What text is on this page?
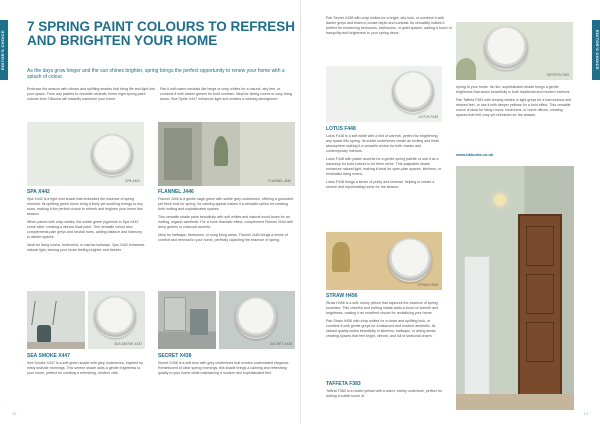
EDITOR'S CHOICE	EDITOR'S CHOICE
12	13
7 SPRING PAINT COLOURS TO REFRESH AND BRIGHTEN YOUR HOME
As the days grow longer and the sun shines brighter, spring brings the perfect opportunity to renew your home with a splash of colour.

Embrace the season with vibrant and uplifting shades that bring life and light into your space. From airy pastels to versatile neutrals, these eight spring paint colours from Tikkurila will instantly transform your home.

Pair it with warm neutrals like beige or crisp whites for a natural, airy feel, or combine it with darker greens for bold contrast. Ideal for dining rooms or cosy living areas, Sea Sprite X447 enhances light and creates a calming atmosphere.

SPA X442	FLANNEL J446
SPA X442

Spa X442 is a light mint shade that embodies the essence of spring renewal. Its uplifting green tones bring a lively yet soothing energy to any room, making it the perfect choice to refresh and brighten your home this season.

When paired with crisp whites, the subtle green pigments in Spa X442 come alive, creating a vibrant focal point. This versatile colour also complements pale greys and neutral hues, adding balance and harmony to darker spaces.

Ideal for living rooms, bedrooms, or narrow hallways, Spa X442 enhances natural light, leaving your home feeling brighter and fresher.

FLANNEL J446

Flannel J446 is a gentle sage green with subtle grey undertones, offering a grounded yet fresh look for spring. Its calming appeal makes it a versatile option for creating both inviting and sophisticated spaces.

This versatile shade pairs beautifully with soft whites and natural wood tones for an inviting, organic aesthetic. For a more dramatic effect, complement Flannel J446 with deep greens or charcoal accents.

Ideal for hallways, bedrooms, or snug living areas, Flannel J446 brings a sense of comfort and renewal to your home, perfectly capturing the essence of spring.

SEA SMOKE X447	SECRET X438
SEA SMOKE X447

Sea Smoke X447 is a soft green shade with grey undertones, inspired by misty seaside mornings. This serene shade adds a gentle brightness to your home, perfect for creating a refreshing, modern vibe.

SECRET X438

Secret X438 is a soft blue with grey undertones that exudes understated elegance. Reminiscent of clear spring mornings, this shade brings a calming and refreshing quality to your home while maintaining a modern and sophisticated feel.

Pair Secret X438 with crisp whites for a bright, airy look, or combine it with darker greys and blues to create depth and contrast. Its versatility makes it perfect for enhancing bedrooms, bathrooms, or quiet spaces, adding a touch of tranquility and brightness to your spring decor.

LOTUS F448
LOTUS F448

Lotus F448 is a soft white with a hint of warmth, perfect for brightening any space this spring. Its subtle undertones create an inviting and fresh atmosphere making it a versatile choice for both classic and contemporary interiors.

Lotus F448 with pastel accents for a gentle spring palette or use it as a backdrop for bold colours to let them shine. This adaptable shade enhances natural light, making it ideal for open-plan spaces, kitchens, or minimalist living rooms.

Lotus F448 brings a sense of purity and renewal, helping to create a serene and rejuvenating home for the season.

STRAW H456
STRAW H456

Straw H456 is a soft, sunny yellow that captures the essence of spring sunshine. This cheerful and inviting shade adds a touch of warmth and brightness, making it an excellent choice for revitalising your home.

Pair Straw H456 with crisp whites for a clean and uplifting look, or combine it with gentle greys for a balanced and modern aesthetic. Its radiant quality works beautifully in kitchens, hallways, or dining areas, creating spaces that feel bright, vibrant, and full of seasonal charm.

TAFFETA F383

Taffeta F383 is a muted yellow with a warm, earthy undertone, perfect for adding a subtle touch of

TAFFETA F383

spring to your home. Its rich, sophisticated shade brings a gentle brightness that works beautifully in both traditional and modern interiors.

Pair Taffeta F383 with creamy whites or light greys for a harmonious and relaxed feel, or use it with deeper yellows for a bold effect. This versatile colour is ideal for living rooms, bedrooms, or home offices, creating spaces that feel cosy yet refreshed for the season.

www.tikkurila.co.uk
